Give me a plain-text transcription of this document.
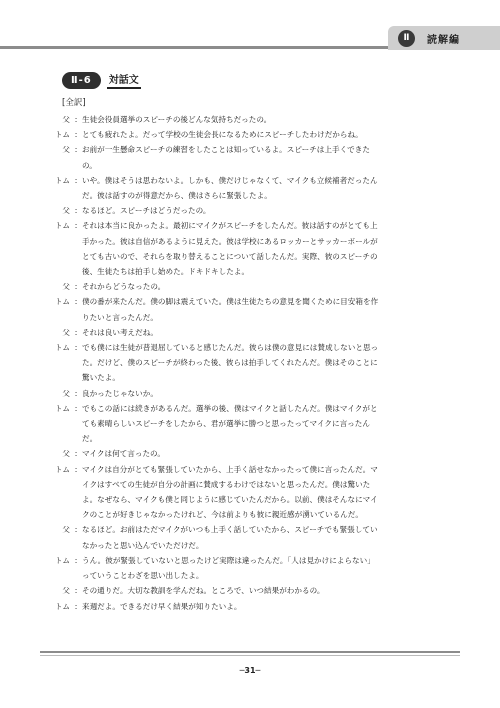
Ⅱ	読解編
Ⅱ-6	対話文
[全訳]
父 : 生徒会役員選挙のスピーチの後どんな気持ちだったの。
トム : とても疲れたよ。だって学校の生徒会長になるためにスピーチしたわけだからね。
父 : お前が一生懸命スピーチの練習をしたことは知っているよ。スピーチは上手くできた
の。
トム : いや。僕はそうは思わないよ。しかも、僕だけじゃなくて、マイクも立候補者だったん
だ。彼は話すのが得意だから、僕はさらに緊張したよ。
父 : なるほど。スピーチはどうだったの。
トム : それは本当に良かったよ。最初にマイクがスピーチをしたんだ。彼は話すのがとても上
手かった。彼は自信があるように見えた。彼は学校にあるロッカーとサッカーボールが
とても古いので、それらを取り替えることについて話したんだ。実際、彼のスピーチの
後、生徒たちは拍手し始めた。ドキドキしたよ。
父 : それからどうなったの。
トム : 僕の番が来たんだ。僕の脚は震えていた。僕は生徒たちの意見を聞くために目安箱を作
りたいと言ったんだ。
父 : それは良い考えだね。
トム : でも僕には生徒が普退屈していると感じたんだ。彼らは僕の意見には賛成しないと思っ
た。だけど、僕のスピーチが終わった後、彼らは拍手してくれたんだ。僕はそのことに
驚いたよ。
父 : 良かったじゃないか。
トム : でもこの話には続きがあるんだ。選挙の後、僕はマイクと話したんだ。僕はマイクがと
ても素晴らしいスピーチをしたから、君が選挙に勝つと思ったってマイクに言ったん
だ。
父 : マイクは何て言ったの。
トム : マイクは自分がとても緊張していたから、上手く話せなかったって僕に言ったんだ。マ
イクはすべての生徒が自分の計画に賛成するわけではないと思ったんだ。僕は驚いた
よ。なぜなら、マイクも僕と同じように感じていたんだから。以前、僕はそんなにマイ
クのことが好きじゃなかったけれど、今は前よりも彼に親近感が湧いているんだ。
父 : なるほど。お前はただマイクがいつも上手く話していたから、スピーチでも緊張してい
なかったと思い込んでいただけだ。
トム : うん。彼が緊張していないと思ったけど実際は違ったんだ。「人は見かけによらない」
っていうことわざを思い出したよ。
父 : その通りだ。大切な教訓を学んだね。ところで、いつ結果がわかるの。
トム : 来週だよ。できるだけ早く結果が知りたいよ。
─31─
